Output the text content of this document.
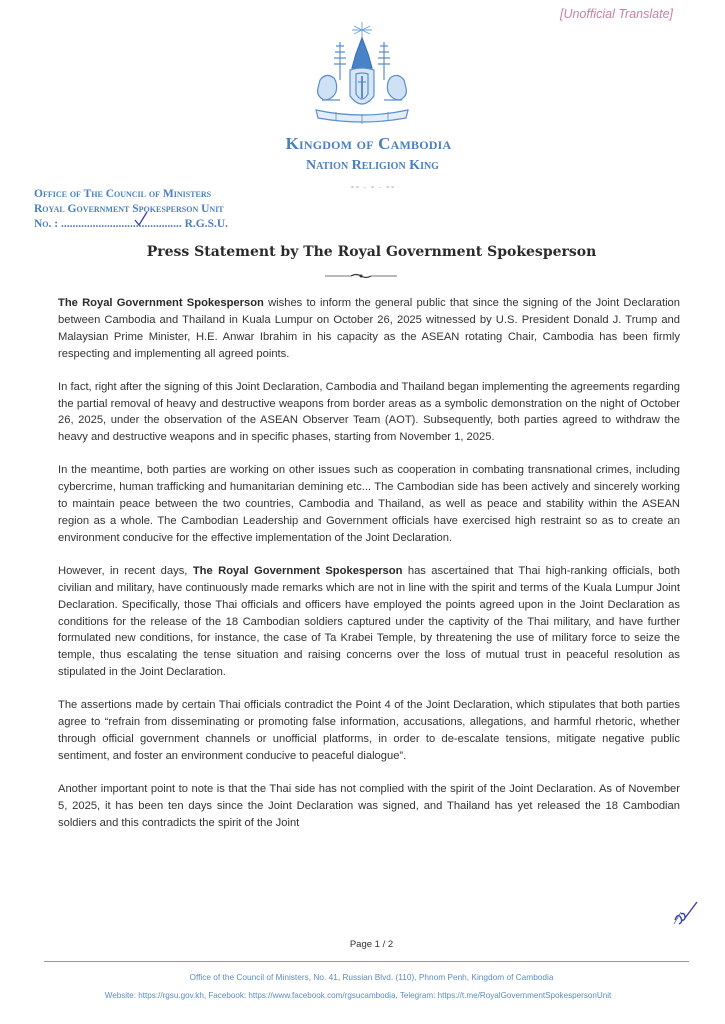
[Unofficial Translate]
Kingdom of Cambodia
Nation Religion King
⁃⁃ · ⁃ · ⁃⁃
Office of The Council of Ministers
Royal Government Spokesperson Unit
No. : .......................................... R.G.S.U.
Press Statement by The Royal Government Spokesperson

The Royal Government Spokesperson wishes to inform the general public that since the signing of the Joint Declaration between Cambodia and Thailand in Kuala Lumpur on October 26, 2025 witnessed by U.S. President Donald J. Trump and Malaysian Prime Minister, H.E. Anwar Ibrahim in his capacity as the ASEAN rotating Chair, Cambodia has been firmly respecting and implementing all agreed points.

In fact, right after the signing of this Joint Declaration, Cambodia and Thailand began implementing the agreements regarding the partial removal of heavy and destructive weapons from border areas as a symbolic demonstration on the night of October 26, 2025, under the observation of the ASEAN Observer Team (AOT). Subsequently, both parties agreed to withdraw the heavy and destructive weapons and in specific phases, starting from November 1, 2025.

In the meantime, both parties are working on other issues such as cooperation in combating transnational crimes, including cybercrime, human trafficking and humanitarian demining etc... The Cambodian side has been actively and sincerely working to maintain peace between the two countries, Cambodia and Thailand, as well as peace and stability within the ASEAN region as a whole. The Cambodian Leadership and Government officials have exercised high restraint so as to create an environment conducive for the effective implementation of the Joint Declaration.

However, in recent days, The Royal Government Spokesperson has ascertained that Thai high-ranking officials, both civilian and military, have continuously made remarks which are not in line with the spirit and terms of the Kuala Lumpur Joint Declaration. Specifically, those Thai officials and officers have employed the points agreed upon in the Joint Declaration as conditions for the release of the 18 Cambodian soldiers captured under the captivity of the Thai military, and have further formulated new conditions, for instance, the case of Ta Krabei Temple, by threatening the use of military force to seize the temple, thus escalating the tense situation and raising concerns over the loss of mutual trust in peaceful resolution as stipulated in the Joint Declaration.

The assertions made by certain Thai officials contradict the Point 4 of the Joint Declaration, which stipulates that both parties agree to “refrain from disseminating or promoting false information, accusations, allegations, and harmful rhetoric, whether through official government channels or unofficial platforms, in order to de-escalate tensions, mitigate negative public sentiment, and foster an environment conducive to peaceful dialogue”.

Another important point to note is that the Thai side has not complied with the spirit of the Joint Declaration. As of November 5, 2025, it has been ten days since the Joint Declaration was signed, and Thailand has yet released the 18 Cambodian soldiers and this contradicts the spirit of the Joint

Page 1 / 2
Office of the Council of Ministers, No. 41, Russian Blvd. (110), Phnom Penh, Kingdom of Cambodia
Website: https://rgsu.gov.kh, Facebook: https://www.facebook.com/rgsucambodia, Telegram: https://t.me/RoyalGovernmentSpokespersonUnit
